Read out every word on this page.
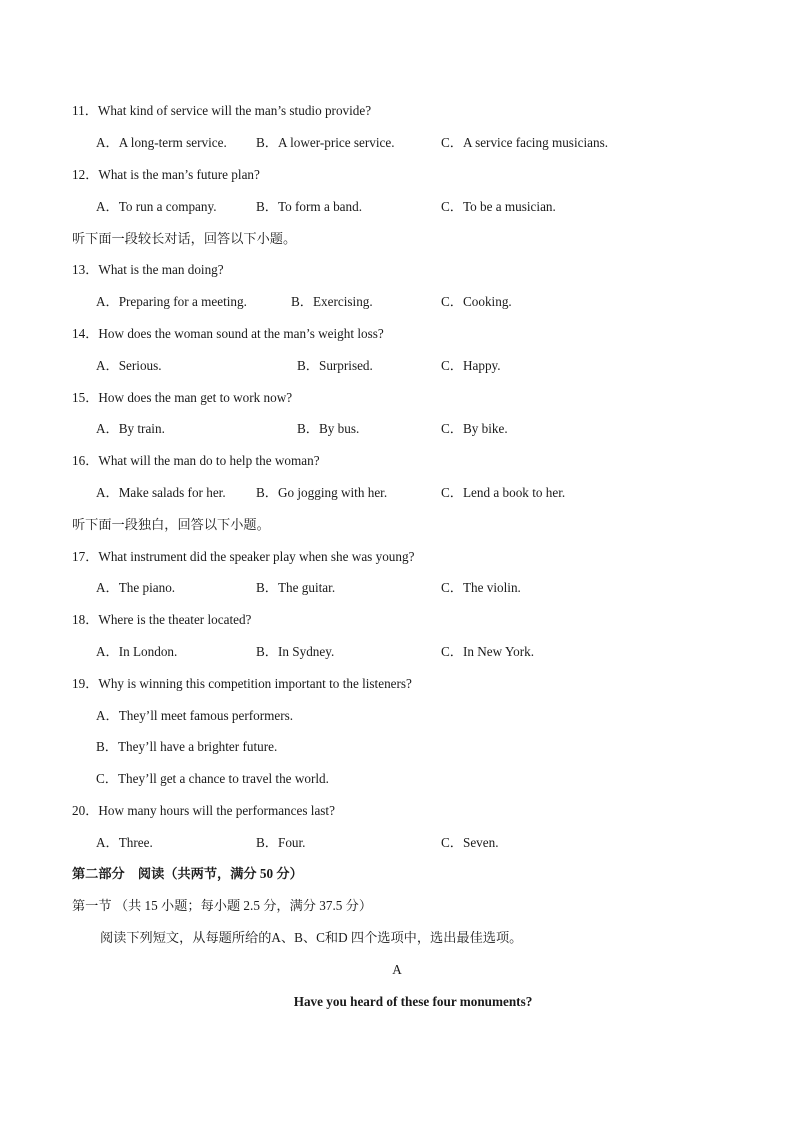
11．What kind of service will the man’s studio provide?
A．A long-term service. B．A lower-price service.	C．A service facing musicians.
12．What is the man’s future plan?
A．To run a company.	B．To form a band.	C．To be a musician.
听下面一段较长对话，回答以下小题。
13．What is the man doing?
A．Preparing for a meeting.	B．Exercising.	C．Cooking.
14．How does the woman sound at the man’s weight loss?
A．Serious.	B．Surprised.	C．Happy.
15．How does the man get to work now?
A．By train.	B．By bus.	C．By bike.
16．What will the man do to help the woman?
A．Make salads for her. B．Go jogging with her.	C．Lend a book to her.
听下面一段独白，回答以下小题。
17．What instrument did the speaker play when she was young?
A．The piano.	B．The guitar.	C．The violin.
18．Where is the theater located?
A．In London.	B．In Sydney.	C．In New York.
19．Why is winning this competition important to the listeners?
A．They’ll meet famous performers.
B．They’ll have a brighter future.
C．They’ll get a chance to travel the world.
20．How many hours will the performances last?
A．Three.	B．Four.	C．Seven.
第二部分　阅读（共两节，满分 50 分）
第一节 （共 15 小题；每小题 2.5 分，满分 37.5 分）
阅读下列短文，从每题所给的A、B、C和D 四个选项中，选出最佳选项。
A
Have you heard of these four monuments?
